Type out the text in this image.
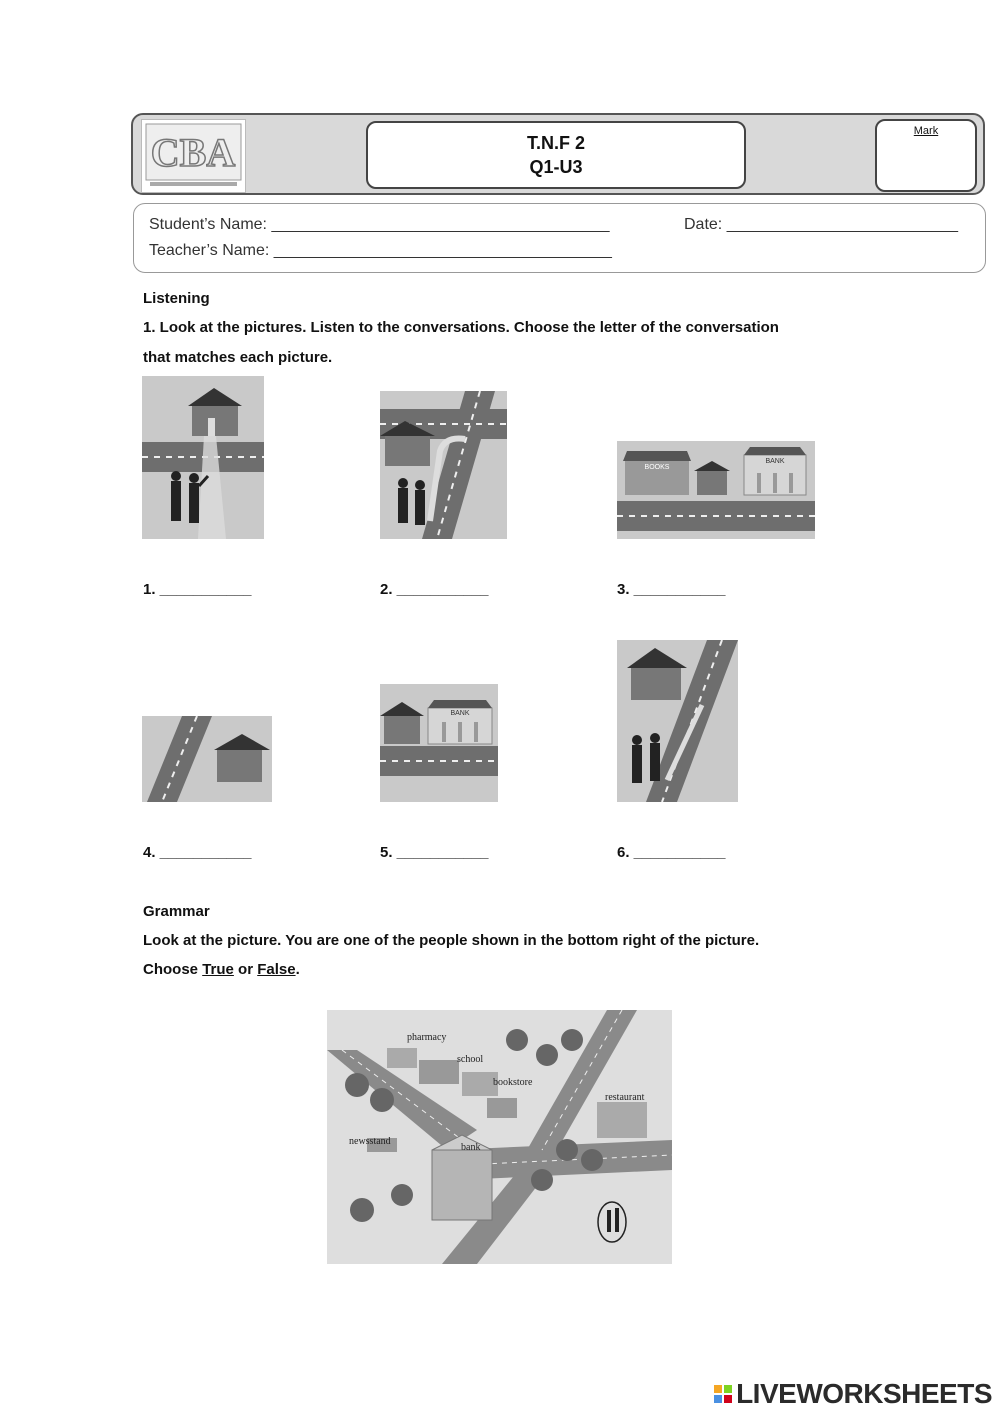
CBA	T.N.F 2
Q1-U3
Mark
Student’s Name: ______________________________________	Date: __________________________
Teacher’s Name: ______________________________________
Listening
1. Look at the pictures. Listen to the conversations. Choose the letter of the conversation
that matches each picture.
BOOKS
BANK
1. ___________	2. ___________	3. ___________
BANK
4. ___________	5. ___________	6. ___________
Grammar
Look at the picture. You are one of the people shown in the bottom right of the picture.
Choose True or False.
pharmacy
school
bookstore
restaurant
newsstand
bank
LIVEWORKSHEETS
